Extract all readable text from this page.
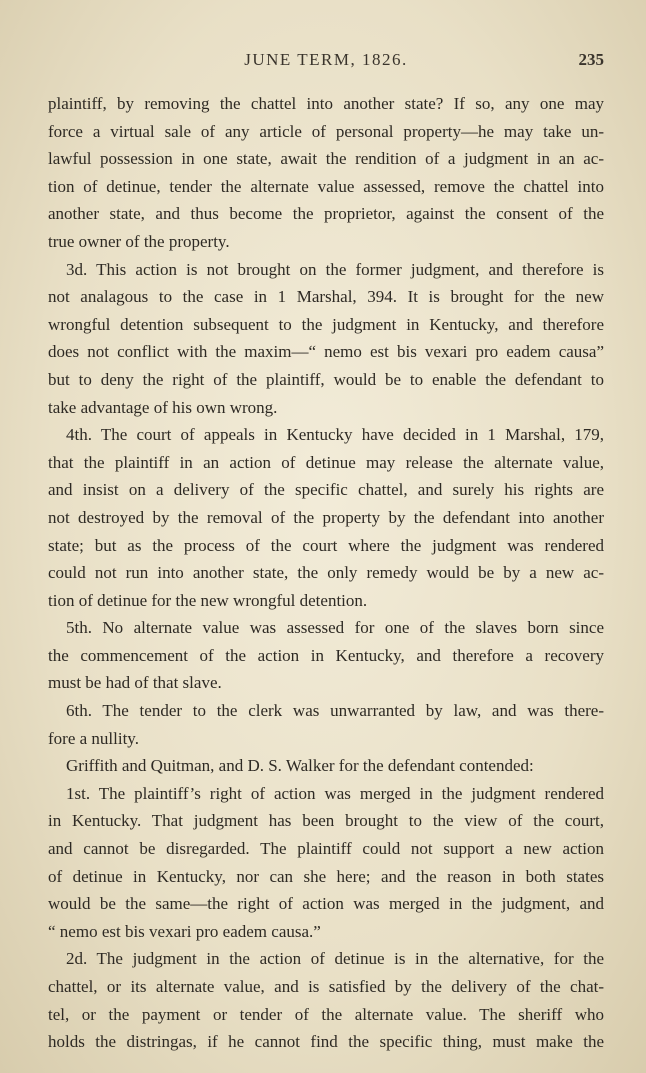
JUNE TERM, 1826.	235
plaintiff, by removing the chattel into another state? If so, any one may
force a virtual sale of any article of personal property—he may take un-
lawful possession in one state, await the rendition of a judgment in an ac-
tion of detinue, tender the alternate value assessed, remove the chattel into
another state, and thus become the proprietor, against the consent of the
true owner of the property.
3d. This action is not brought on the former judgment, and therefore is
not analagous to the case in 1 Marshal, 394. It is brought for the new
wrongful detention subsequent to the judgment in Kentucky, and therefore
does not conflict with the maxim—“ nemo est bis vexari pro eadem causa”
but to deny the right of the plaintiff, would be to enable the defendant to
take advantage of his own wrong.
4th. The court of appeals in Kentucky have decided in 1 Marshal, 179,
that the plaintiff in an action of detinue may release the alternate value,
and insist on a delivery of the specific chattel, and surely his rights are
not destroyed by the removal of the property by the defendant into another
state; but as the process of the court where the judgment was rendered
could not run into another state, the only remedy would be by a new ac-
tion of detinue for the new wrongful detention.
5th. No alternate value was assessed for one of the slaves born since
the commencement of the action in Kentucky, and therefore a recovery
must be had of that slave.
6th. The tender to the clerk was unwarranted by law, and was there-
fore a nullity.
Griffith and Quitman, and D. S. Walker for the defendant contended:
1st. The plaintiff’s right of action was merged in the judgment rendered
in Kentucky. That judgment has been brought to the view of the court,
and cannot be disregarded. The plaintiff could not support a new action
of detinue in Kentucky, nor can she here; and the reason in both states
would be the same—the right of action was merged in the judgment, and
“ nemo est bis vexari pro eadem causa.”
2d. The judgment in the action of detinue is in the alternative, for the
chattel, or its alternate value, and is satisfied by the delivery of the chat-
tel, or the payment or tender of the alternate value. The sheriff who
holds the distringas, if he cannot find the specific thing, must make the
